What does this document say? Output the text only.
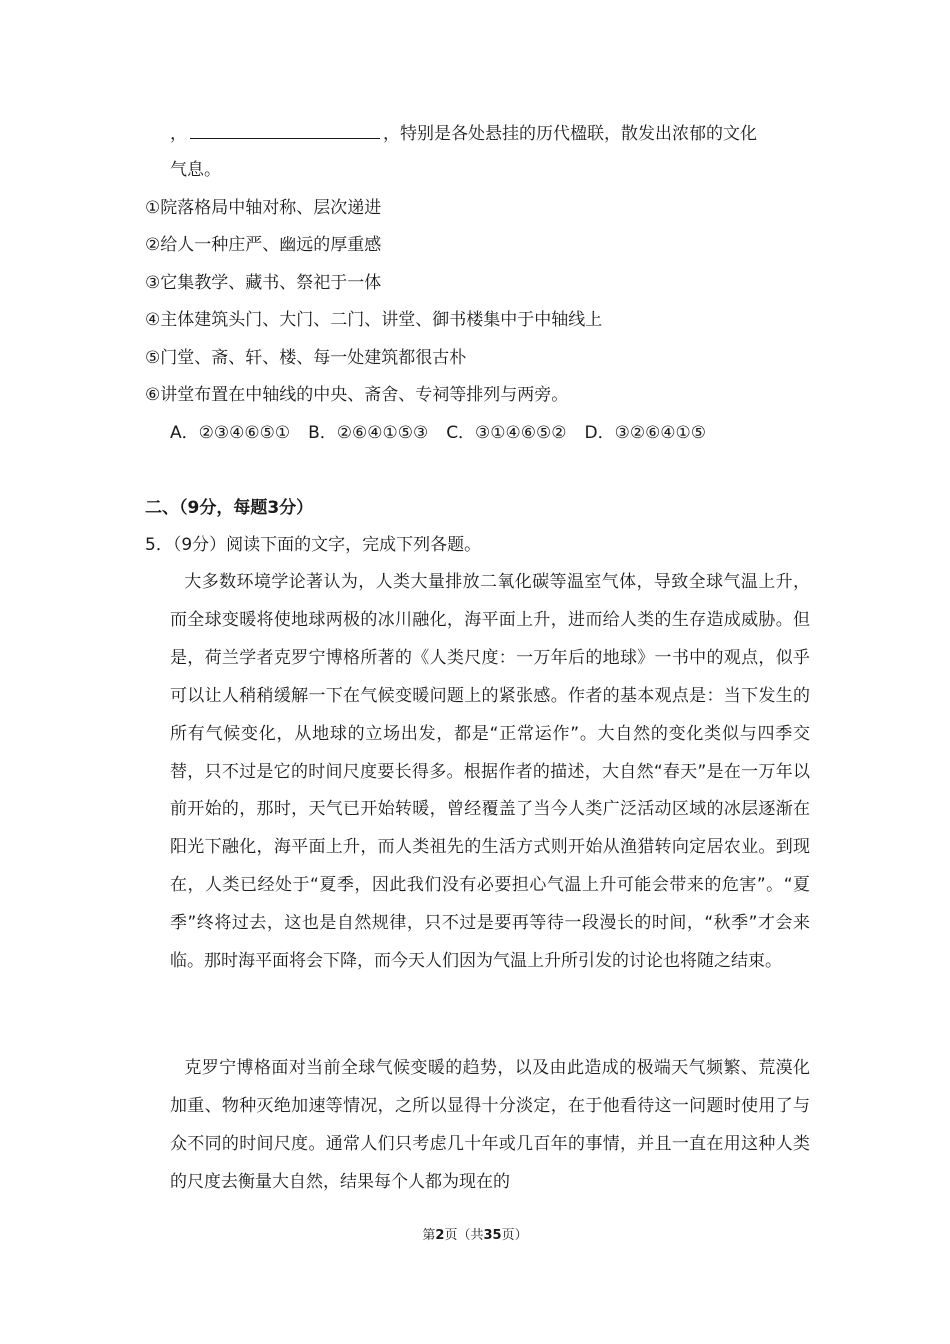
，	，特别是各处悬挂的历代楹联，散发出浓郁的文化
气息。
①院落格局中轴对称、层次递进
②给人一种庄严、幽远的厚重感
③它集教学、藏书、祭祀于一体
④主体建筑头门、大门、二门、讲堂、御书楼集中于中轴线上
⑤门堂、斋、轩、楼、每一处建筑都很古朴
⑥讲堂布置在中轴线的中央、斋舍、专祠等排列与两旁。
A．②③④⑥⑤① B．②⑥④①⑤③ C．③①④⑥⑤② D．③②⑥④①⑤
二、（9分，每题3分）
5．（9分）阅读下面的文字，完成下列各题。
大多数环境学论著认为，人类大量排放二氧化碳等温室气体，导致全球气温上升，而全球变暖将使地球两极的冰川融化，海平面上升，进而给人类的生存造成威胁。但是，荷兰学者克罗宁博格所著的《人类尺度：一万年后的地球》一书中的观点，似乎可以让人稍稍缓解一下在气候变暖问题上的紧张感。作者的基本观点是：当下发生的所有气候变化，从地球的立场出发，都是“正常运作”。大自然的变化类似与四季交替，只不过是它的时间尺度要长得多。根据作者的描述，大自然“春天”是在一万年以前开始的，那时，天气已开始转暖，曾经覆盖了当今人类广泛活动区域的冰层逐渐在阳光下融化，海平面上升，而人类祖先的生活方式则开始从渔猎转向定居农业。到现在，人类已经处于“夏季，因此我们没有必要担心气温上升可能会带来的危害”。“夏季”终将过去，这也是自然规律，只不过是要再等待一段漫长的时间，“秋季”才会来临。那时海平面将会下降，而今天人们因为气温上升所引发的讨论也将随之结束。
克罗宁博格面对当前全球气候变暖的趋势，以及由此造成的极端天气频繁、荒漠化加重、物种灭绝加速等情况，之所以显得十分淡定，在于他看待这一问题时使用了与众不同的时间尺度。通常人们只考虑几十年或几百年的事情，并且一直在用这种人类的尺度去衡量大自然，结果每个人都为现在的
第2页（共35页）
